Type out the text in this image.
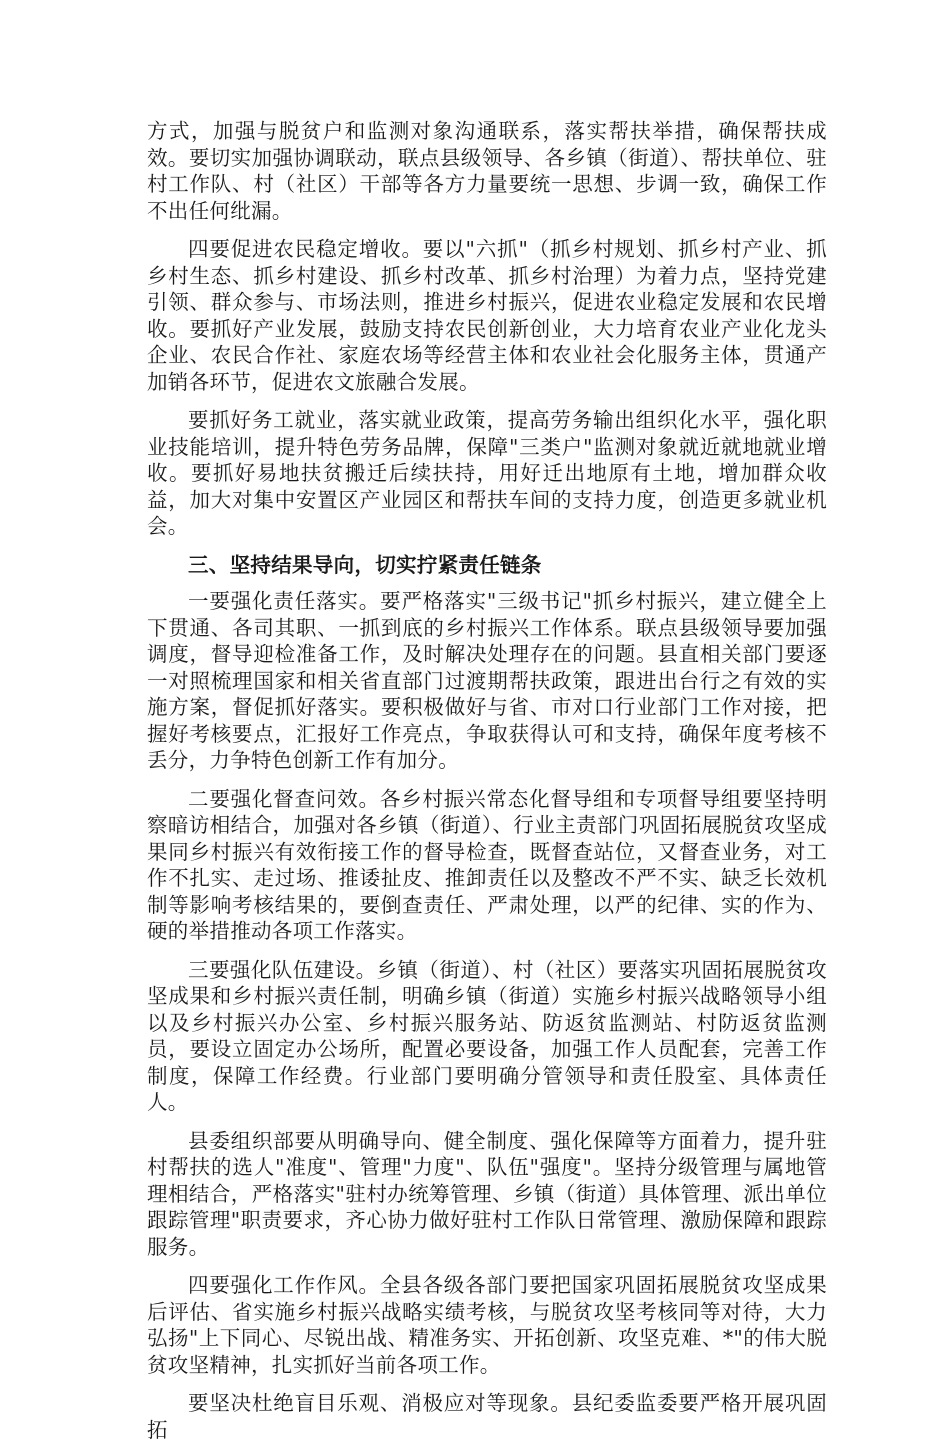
方式，加强与脱贫户和监测对象沟通联系，落实帮扶举措，确保帮扶成效。要切实加强协调联动，联点县级领导、各乡镇（街道）、帮扶单位、驻村工作队、村（社区）干部等各方力量要统一思想、步调一致，确保工作不出任何纰漏。

四要促进农民稳定增收。要以"六抓"（抓乡村规划、抓乡村产业、抓乡村生态、抓乡村建设、抓乡村改革、抓乡村治理）为着力点，坚持党建引领、群众参与、市场法则，推进乡村振兴，促进农业稳定发展和农民增收。要抓好产业发展，鼓励支持农民创新创业，大力培育农业产业化龙头企业、农民合作社、家庭农场等经营主体和农业社会化服务主体，贯通产加销各环节，促进农文旅融合发展。

要抓好务工就业，落实就业政策，提高劳务输出组织化水平，强化职业技能培训，提升特色劳务品牌，保障"三类户"监测对象就近就地就业增收。要抓好易地扶贫搬迁后续扶持，用好迁出地原有土地，增加群众收益，加大对集中安置区产业园区和帮扶车间的支持力度，创造更多就业机会。

三、坚持结果导向，切实拧紧责任链条

一要强化责任落实。要严格落实"三级书记"抓乡村振兴，建立健全上下贯通、各司其职、一抓到底的乡村振兴工作体系。联点县级领导要加强调度，督导迎检准备工作，及时解决处理存在的问题。县直相关部门要逐一对照梳理国家和相关省直部门过渡期帮扶政策，跟进出台行之有效的实施方案，督促抓好落实。要积极做好与省、市对口行业部门工作对接，把握好考核要点，汇报好工作亮点，争取获得认可和支持，确保年度考核不丢分，力争特色创新工作有加分。

二要强化督查问效。各乡村振兴常态化督导组和专项督导组要坚持明察暗访相结合，加强对各乡镇（街道）、行业主责部门巩固拓展脱贫攻坚成果同乡村振兴有效衔接工作的督导检查，既督查站位，又督查业务，对工作不扎实、走过场、推诿扯皮、推卸责任以及整改不严不实、缺乏长效机制等影响考核结果的，要倒查责任、严肃处理，以严的纪律、实的作为、硬的举措推动各项工作落实。

三要强化队伍建设。乡镇（街道）、村（社区）要落实巩固拓展脱贫攻坚成果和乡村振兴责任制，明确乡镇（街道）实施乡村振兴战略领导小组以及乡村振兴办公室、乡村振兴服务站、防返贫监测站、村防返贫监测员，要设立固定办公场所，配置必要设备，加强工作人员配套，完善工作制度，保障工作经费。行业部门要明确分管领导和责任股室、具体责任人。

县委组织部要从明确导向、健全制度、强化保障等方面着力，提升驻村帮扶的选人"准度"、管理"力度"、队伍"强度"。坚持分级管理与属地管理相结合，严格落实"驻村办统筹管理、乡镇（街道）具体管理、派出单位跟踪管理"职责要求，齐心协力做好驻村工作队日常管理、激励保障和跟踪服务。

四要强化工作作风。全县各级各部门要把国家巩固拓展脱贫攻坚成果后评估、省实施乡村振兴战略实绩考核，与脱贫攻坚考核同等对待，大力弘扬"上下同心、尽锐出战、精准务实、开拓创新、攻坚克难、*"的伟大脱贫攻坚精神，扎实抓好当前各项工作。

要坚决杜绝盲目乐观、消极应对等现象。县纪委监委要严格开展巩固拓
